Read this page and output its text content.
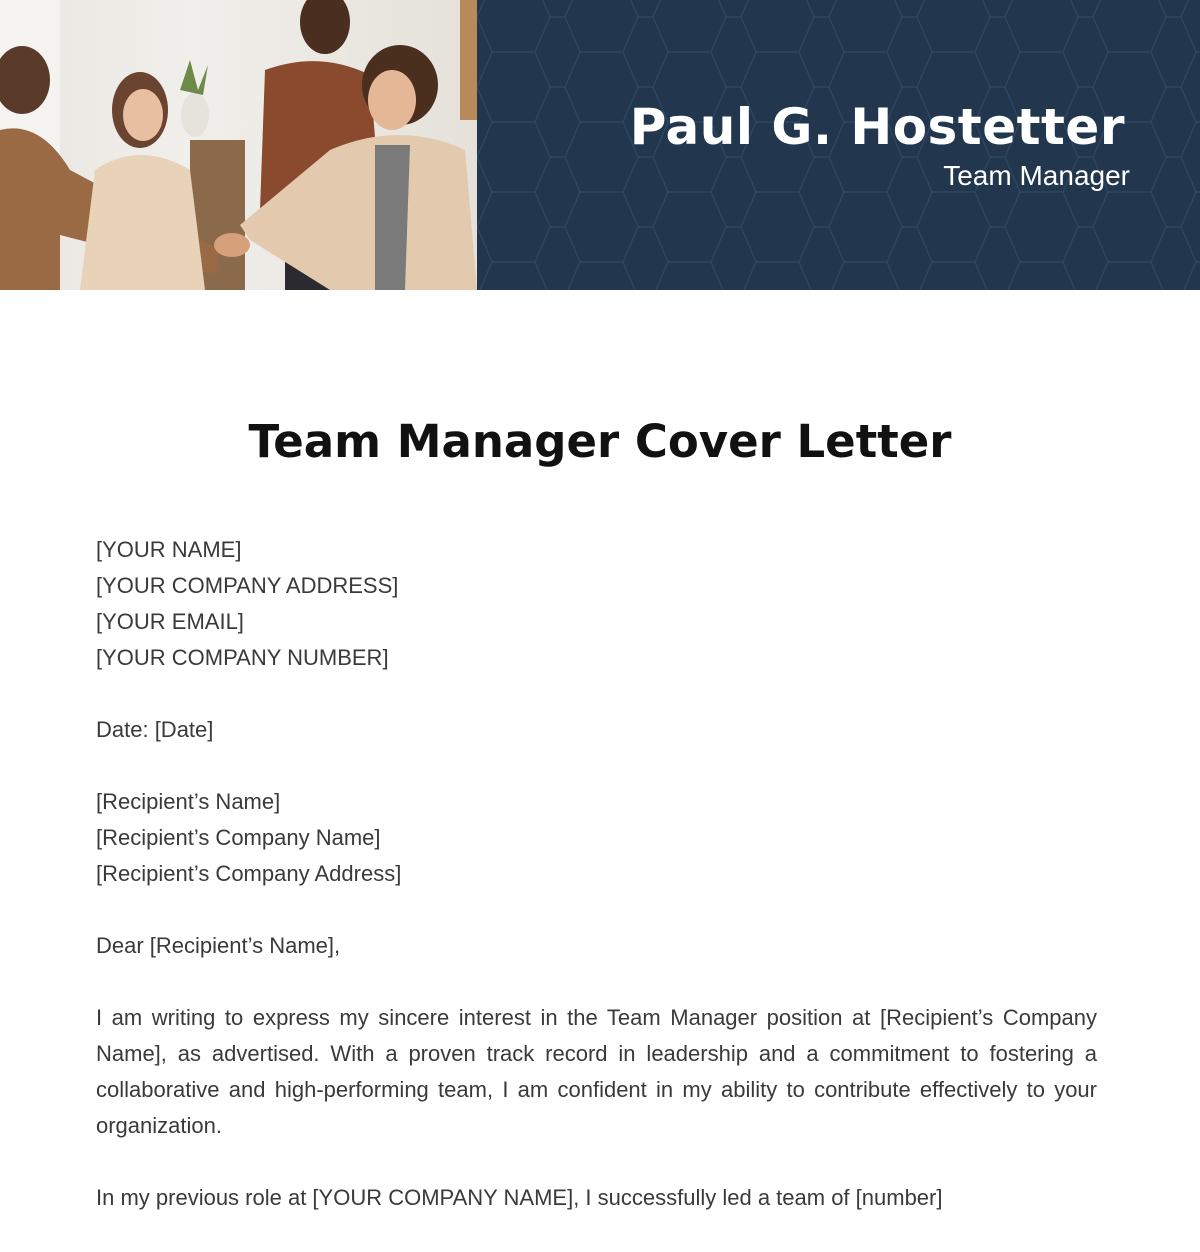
Paul G. Hostetter
Team Manager
Team Manager Cover Letter

[YOUR NAME]
[YOUR COMPANY ADDRESS]
[YOUR EMAIL]
[YOUR COMPANY NUMBER]

Date: [Date]

[Recipient’s Name]
[Recipient’s Company Name]
[Recipient’s Company Address]

Dear [Recipient’s Name],

I am writing to express my sincere interest in the Team Manager position at [Recipient’s Company Name], as advertised. With a proven track record in leadership and a commitment to fostering a collaborative and high-performing team, I am confident in my ability to contribute effectively to your organization.

In my previous role at [YOUR COMPANY NAME], I successfully led a team of [number]
